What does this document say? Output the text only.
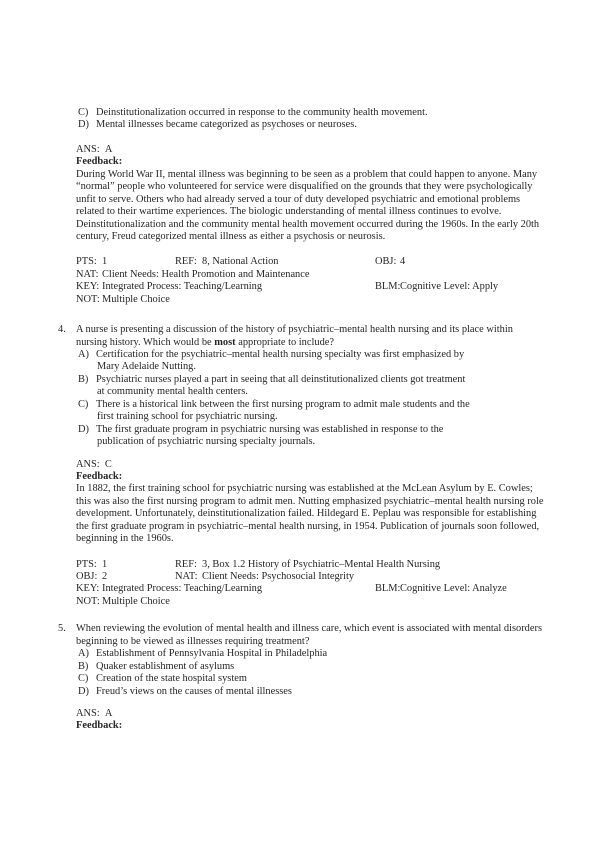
C) Deinstitutionalization occurred in response to the community health movement.
D) Mental illnesses became categorized as psychoses or neuroses.
ANS: A
Feedback:
During World War II, mental illness was beginning to be seen as a problem that could happen to anyone. Many
“normal” people who volunteered for service were disqualified on the grounds that they were psychologically
unfit to serve. Others who had already served a tour of duty developed psychiatric and emotional problems
related to their wartime experiences. The biologic understanding of mental illness continues to evolve.
Deinstitutionalization and the community mental health movement occurred during the 1960s. In the early 20th
century, Freud categorized mental illness as either a psychosis or neurosis.
PTS: 1	REF: 8, National Action	OBJ: 4
NAT: Client Needs: Health Promotion and Maintenance
KEY: Integrated Process: Teaching/Learning	BLM: Cognitive Level: Apply
NOT: Multiple Choice
4. A nurse is presenting a discussion of the history of psychiatric–mental health nursing and its place within
nursing history. Which would be most appropriate to include?
A) Certification for the psychiatric–mental health nursing specialty was first emphasized by
Mary Adelaide Nutting.
B) Psychiatric nurses played a part in seeing that all deinstitutionalized clients got treatment
at community mental health centers.
C) There is a historical link between the first nursing program to admit male students and the
first training school for psychiatric nursing.
D) The first graduate program in psychiatric nursing was established in response to the
publication of psychiatric nursing specialty journals.
ANS: C
Feedback:
In 1882, the first training school for psychiatric nursing was established at the McLean Asylum by E. Cowles;
this was also the first nursing program to admit men. Nutting emphasized psychiatric–mental health nursing role
development. Unfortunately, deinstitutionalization failed. Hildegard E. Peplau was responsible for establishing
the first graduate program in psychiatric–mental health nursing, in 1954. Publication of journals soon followed,
beginning in the 1960s.
PTS: 1	REF: 3, Box 1.2 History of Psychiatric–Mental Health Nursing
OBJ: 2	NAT: Client Needs: Psychosocial Integrity
KEY: Integrated Process: Teaching/Learning	BLM: Cognitive Level: Analyze
NOT: Multiple Choice
5. When reviewing the evolution of mental health and illness care, which event is associated with mental disorders
beginning to be viewed as illnesses requiring treatment?
A) Establishment of Pennsylvania Hospital in Philadelphia
B) Quaker establishment of asylums
C) Creation of the state hospital system
D) Freud’s views on the causes of mental illnesses
ANS: A
Feedback:
